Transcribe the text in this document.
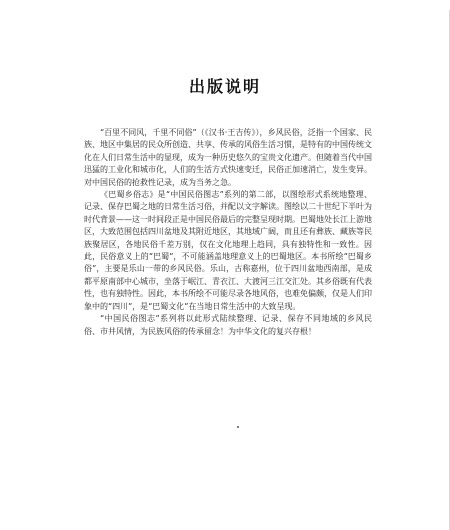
出版说明

“百里不同风，千里不同俗”（《汉书·王吉传》），乡风民俗，泛指一个国家、民族、地区中集居的民众所创造、共享、传承的风俗生活习惯，是特有的中国传统文化在人们日常生活中的显现，成为一种历史悠久的宝贵文化遗产。但随着当代中国迅猛的工业化和城市化，人们的生活方式快速变迁，民俗正加速消亡，发生变异。对中国民俗的抢救性记录，成为当务之急。

《巴蜀乡俗志》是“中国民俗图志”系列的第二部，以图绘形式系统地整理、记录、保存巴蜀之地的日常生活习俗，并配以文字解读。图绘以二十世纪下半叶为时代背景——这一时间段正是中国民俗最后的完整呈现时期。巴蜀地处长江上游地区，大致范围包括四川盆地及其附近地区，其地域广阔，而且还有彝族、藏族等民族聚居区，各地民俗千差万别，仅在文化地理上趋同，具有独特性和一致性。因此，民俗意义上的“巴蜀”，不可能涵盖地理意义上的巴蜀地区。本书所绘“巴蜀乡俗”，主要是乐山一带的乡风民俗。乐山，古称嘉州，位于四川盆地西南部，是成都平原南部中心城市，坐落于岷江、青衣江、大渡河三江交汇处。其乡俗既有代表性，也有独特性。因此，本书所绘不可能尽录各地风俗，也难免偏颇，仅是人们印象中的“四川”，是“巴蜀文化”在当地日常生活中的大致呈现。

“中国民俗图志”系列将以此形式陆续整理、记录、保存不同地域的乡风民俗、市井风情，为民族风俗的传承留念！为中华文化的复兴存根！
